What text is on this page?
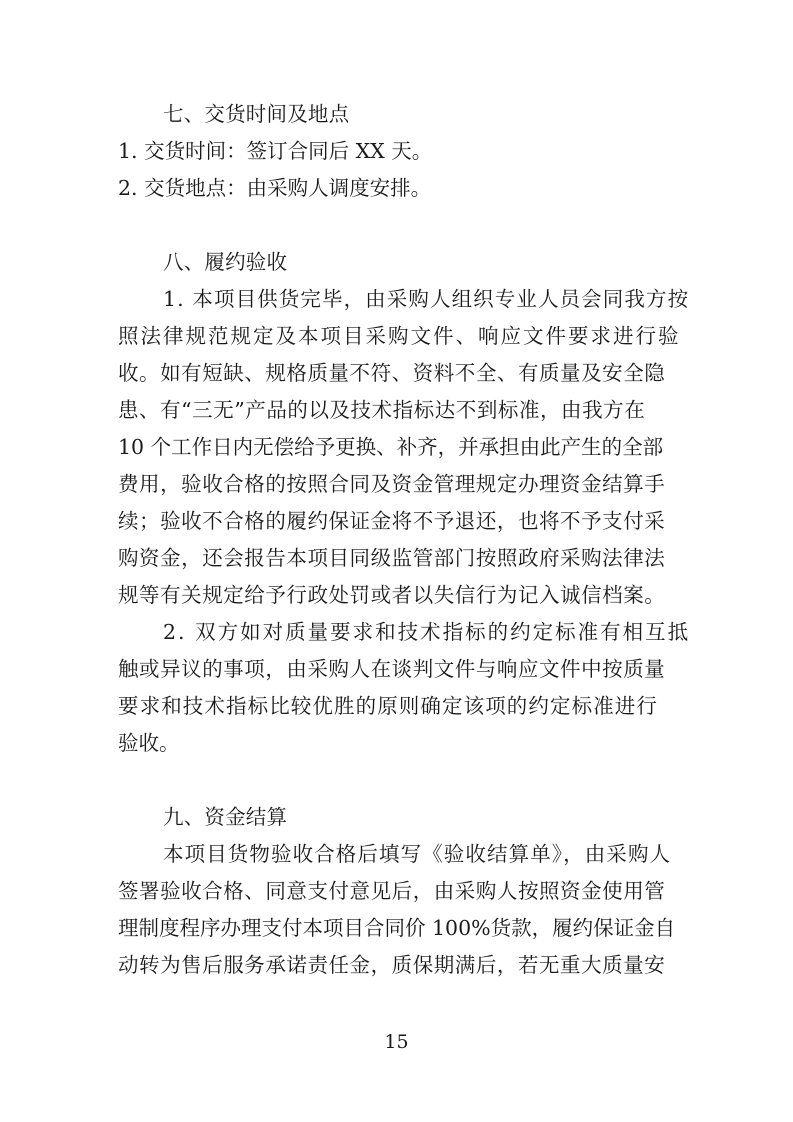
七、交货时间及地点
1. 交货时间：签订合同后 XX 天。
2. 交货地点：由采购人调度安排。
八、履约验收
1. 本项目供货完毕，由采购人组织专业人员会同我方按
照法律规范规定及本项目采购文件、响应文件要求进行验
收。如有短缺、规格质量不符、资料不全、有质量及安全隐
患、有“三无”产品的以及技术指标达不到标准，由我方在
10 个工作日内无偿给予更换、补齐，并承担由此产生的全部
费用，验收合格的按照合同及资金管理规定办理资金结算手
续；验收不合格的履约保证金将不予退还，也将不予支付采
购资金，还会报告本项目同级监管部门按照政府采购法律法
规等有关规定给予行政处罚或者以失信行为记入诚信档案。
2. 双方如对质量要求和技术指标的约定标准有相互抵
触或异议的事项，由采购人在谈判文件与响应文件中按质量
要求和技术指标比较优胜的原则确定该项的约定标准进行
验收。
九、资金结算
本项目货物验收合格后填写《验收结算单》，由采购人
签署验收合格、同意支付意见后，由采购人按照资金使用管
理制度程序办理支付本项目合同价 100%货款，履约保证金自
动转为售后服务承诺责任金，质保期满后，若无重大质量安
15
